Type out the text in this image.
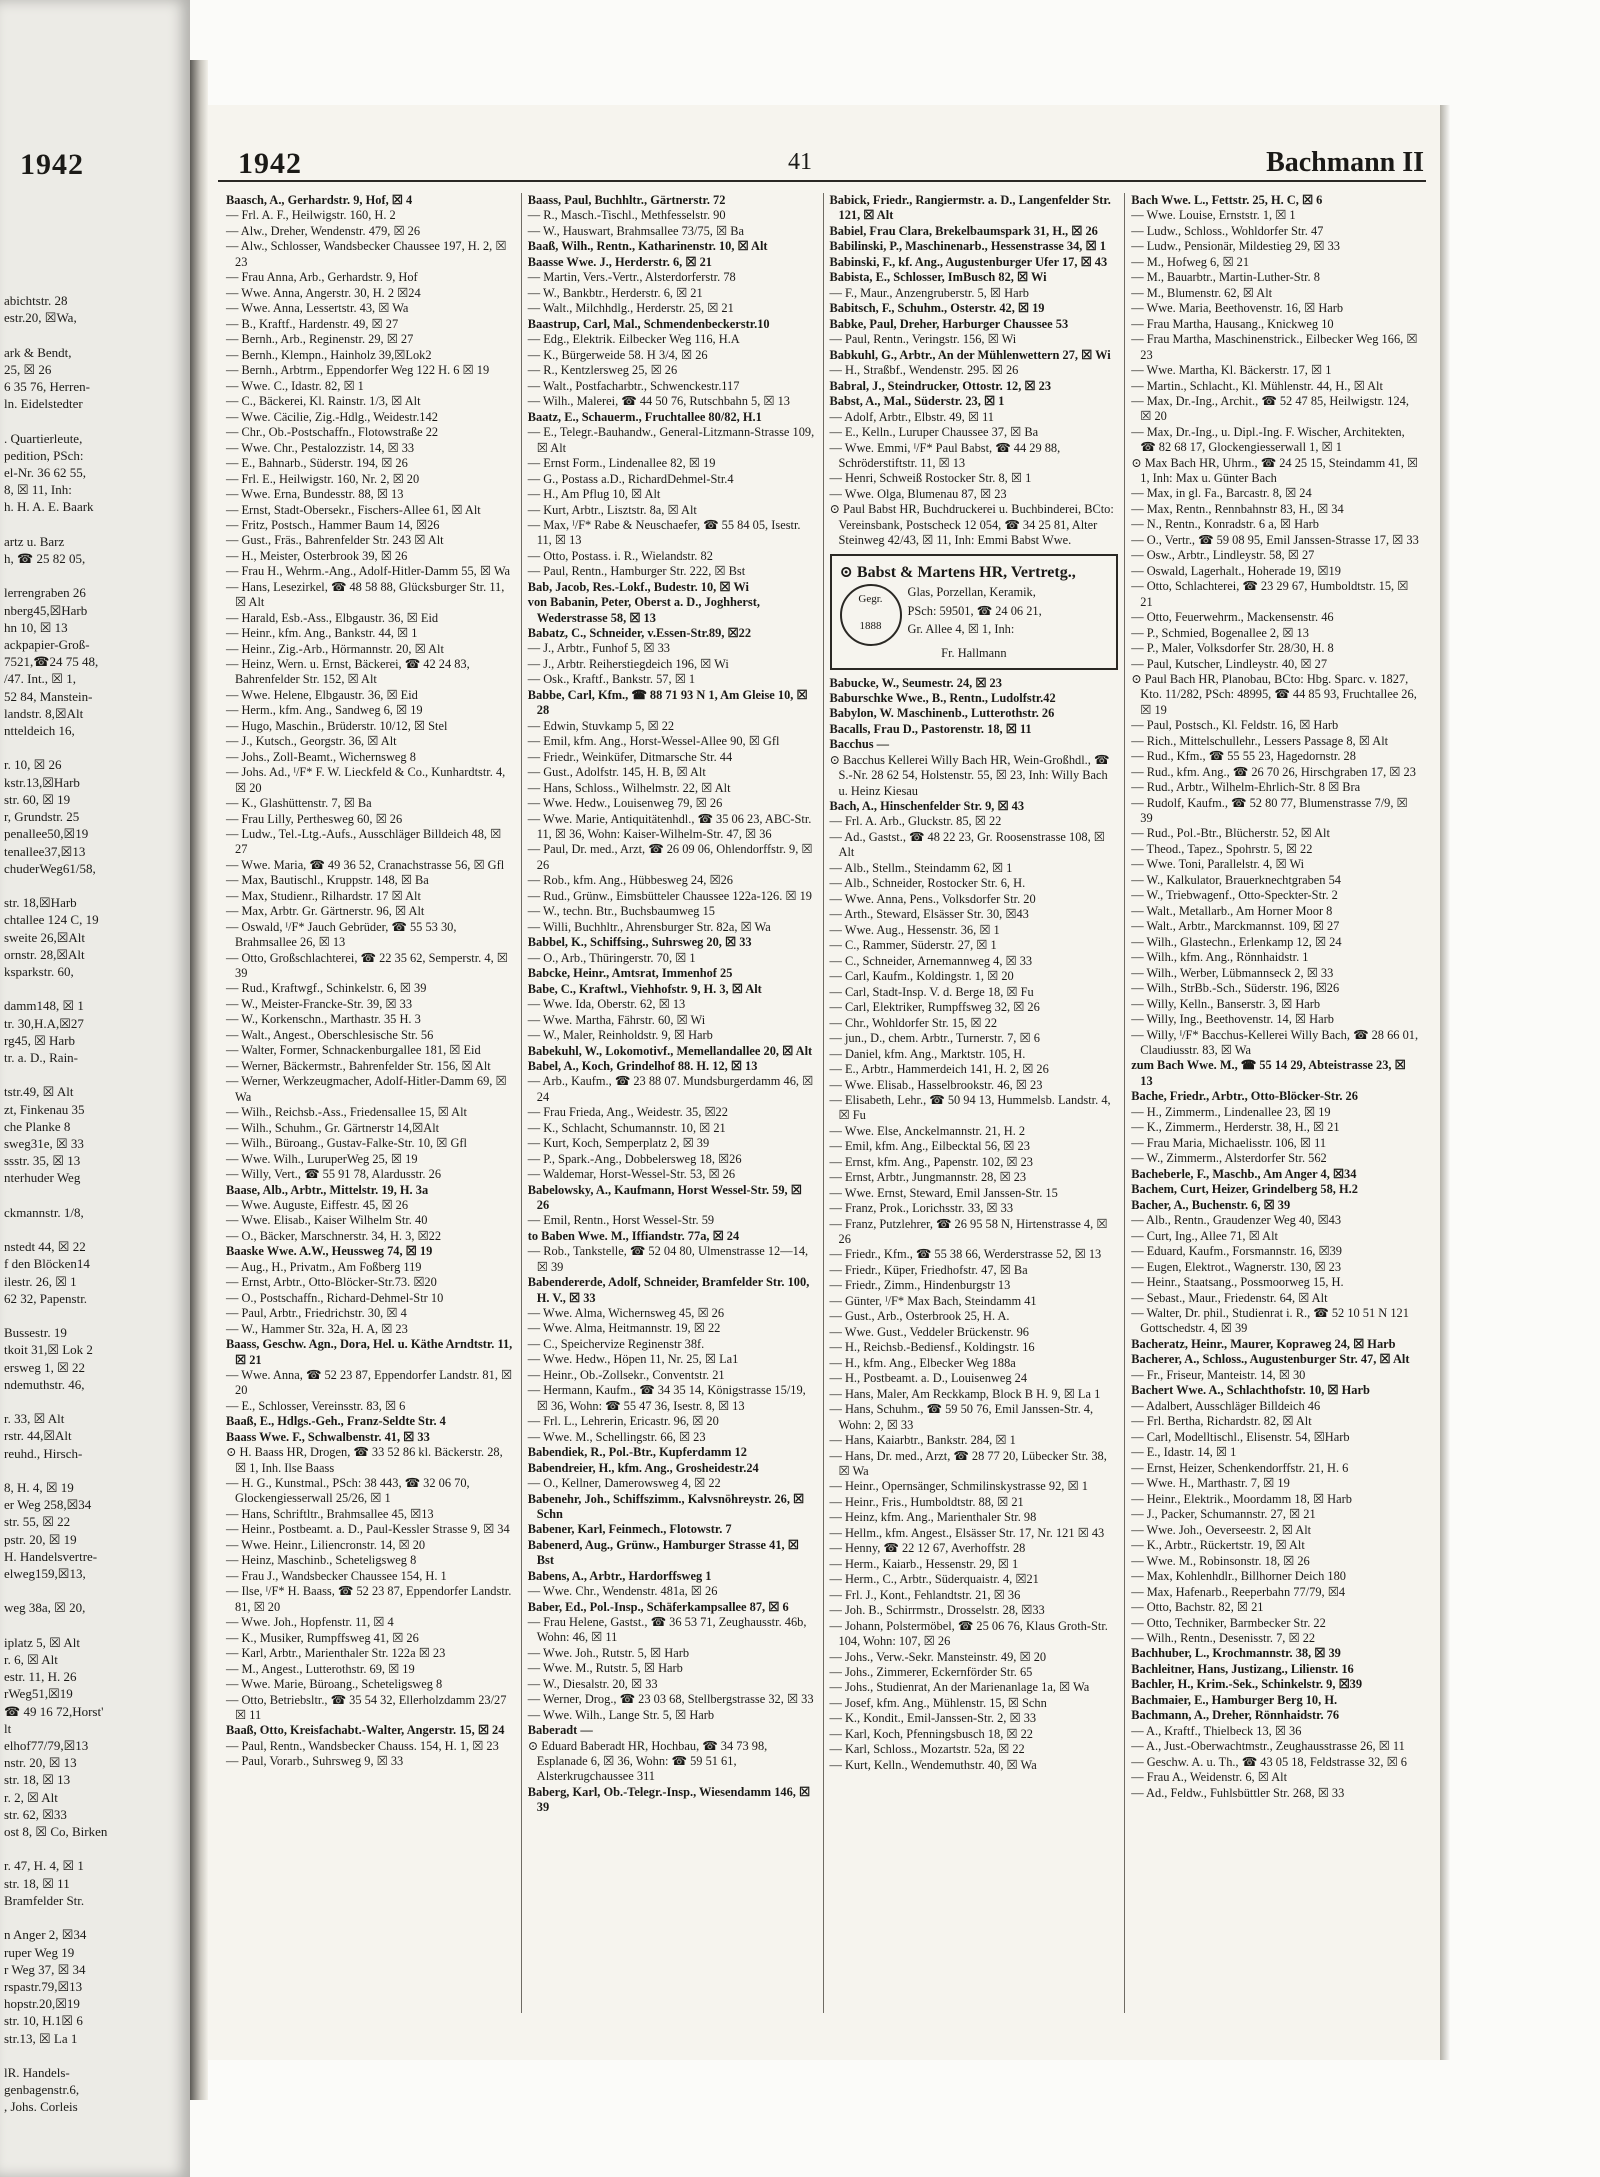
1942
abichtstr. 28
estr.20, ☒Wa,

ark & Bendt,
25, ☒ 26
6 35 76, Herren-
ln. Eidelstedter

. Quartierleute,
pedition, PSch:
el-Nr. 36 62 55,
8, ☒ 11, Inh:
h. H. A. E. Baark

artz u. Barz
h, ☎ 25 82 05,

lerrengraben 26
nberg45,☒Harb
hn 10, ☒ 13
ackpapier-Groß-
7521,☎24 75 48,
/47. Int., ☒ 1,
52 84, Manstein-
landstr. 8,☒Alt
ntteldeich 16,

r. 10, ☒ 26
kstr.13,☒Harb
str. 60, ☒ 19
r, Grundstr. 25
penallee50,☒19
tenallee37,☒13
chuderWeg61/58,

str. 18,☒Harb
chtallee 124 C, 19
sweite 26,☒Alt
ornstr. 28,☒Alt
ksparkstr. 60,

damm148, ☒ 1
tr. 30,H.A,☒27
rg45, ☒ Harb
tr. a. D., Rain-

tstr.49, ☒ Alt
zt, Finkenau 35
che Planke 8
sweg31e, ☒ 33
ssstr. 35, ☒ 13
nterhuder Weg

ckmannstr. 1/8,

nstedt 44, ☒ 22
f den Blöcken14
ilestr. 26, ☒ 1
62 32, Papenstr.

Bussestr. 19
tkoit 31,☒ Lok 2
ersweg 1, ☒ 22
ndemuthstr. 46,

r. 33, ☒ Alt
rstr. 44,☒Alt
reuhd., Hirsch-

8, H. 4, ☒ 19
er Weg 258,☒34
str. 55, ☒ 22
pstr. 20, ☒ 19
H. Handelsvertre-
elweg159,☒13,

weg 38a, ☒ 20,

iplatz 5, ☒ Alt
r. 6, ☒ Alt
estr. 11, H. 26
rWeg51,☒19
☎ 49 16 72,Horst'
lt
elhof77/79,☒13
nstr. 20, ☒ 13
str. 18, ☒ 13
r. 2, ☒ Alt
str. 62, ☒33
ost 8, ☒ Co, Birken

r. 47, H. 4, ☒ 1
str. 18, ☒ 11
Bramfelder Str.

n Anger 2, ☒34
ruper Weg 19
r Weg 37, ☒ 34
rspastr.79,☒13
hopstr.20,☒19
str. 10, H.1☒ 6
str.13, ☒ La 1

lR. Handels-
genbagenstr.6,
, Johs. Corleis
1942	41	Bachmann II
Baasch, A., Gerhardstr. 9, Hof, ☒ 4
— Frl. A. F., Heilwigstr. 160, H. 2
— Alw., Dreher, Wendenstr. 479, ☒ 26
— Alw., Schlosser, Wandsbecker Chaussee 197, H. 2, ☒ 23
— Frau Anna, Arb., Gerhardstr. 9, Hof
— Wwe. Anna, Angerstr. 30, H. 2 ☒24
— Wwe. Anna, Lessertstr. 43, ☒ Wa
— B., Kraftf., Hardenstr. 49, ☒ 27
— Bernh., Arb., Reginenstr. 29, ☒ 27
— Bernh., Klempn., Hainholz 39,☒Lok2
— Bernh., Arbtrm., Eppendorfer Weg 122 H. 6 ☒ 19
— Wwe. C., Idastr. 82, ☒ 1
— C., Bäckerei, Kl. Rainstr. 1/3, ☒ Alt
— Wwe. Cäcilie, Zig.-Hdlg., Weidestr.142
— Chr., Ob.-Postschaffn., Flotowstraße 22
— Wwe. Chr., Pestalozzistr. 14, ☒ 33
— E., Bahnarb., Süderstr. 194, ☒ 26
— Frl. E., Heilwigstr. 160, Nr. 2, ☒ 20
— Wwe. Erna, Bundesstr. 88, ☒ 13
— Ernst, Stadt-Obersekr., Fischers-Allee 61, ☒ Alt
— Fritz, Postsch., Hammer Baum 14, ☒26
— Gust., Fräs., Bahrenfelder Str. 243 ☒ Alt
— H., Meister, Osterbrook 39, ☒ 26
— Frau H., Wehrm.-Ang., Adolf-Hitler-Damm 55, ☒ Wa
— Hans, Lesezirkel, ☎ 48 58 88, Glücksburger Str. 11, ☒ Alt
— Harald, Esb.-Ass., Elbgaustr. 36, ☒ Eid
— Heinr., kfm. Ang., Bankstr. 44, ☒ 1
— Heinr., Zig.-Arb., Hörmannstr. 20, ☒ Alt
— Heinz, Wern. u. Ernst, Bäckerei, ☎ 42 24 83, Bahrenfelder Str. 152, ☒ Alt
— Wwe. Helene, Elbgaustr. 36, ☒ Eid
— Herm., kfm. Ang., Sandweg 6, ☒ 19
— Hugo, Maschin., Brüderstr. 10/12, ☒ Stel
— J., Kutsch., Georgstr. 36, ☒ Alt
— Johs., Zoll-Beamt., Wichernsweg 8
— Johs. Ad., ᴵ/F* F. W. Lieckfeld & Co., Kunhardtstr. 4, ☒ 20
— K., Glashüttenstr. 7, ☒ Ba
— Frau Lilly, Perthesweg 60, ☒ 26
— Ludw., Tel.-Ltg.-Aufs., Ausschläger Billdeich 48, ☒ 27
— Wwe. Maria, ☎ 49 36 52, Cranachstrasse 56, ☒ Gfl
— Max, Bautischl., Kruppstr. 148, ☒ Ba
— Max, Studienr., Rilhardstr. 17 ☒ Alt
— Max, Arbtr. Gr. Gärtnerstr. 96, ☒ Alt
— Oswald, ᴵ/F* Jauch Gebrüder, ☎ 55 53 30, Brahmsallee 26, ☒ 13
— Otto, Großschlachterei, ☎ 22 35 62, Semperstr. 4, ☒ 39
— Rud., Kraftwgf., Schinkelstr. 6, ☒ 39
— W., Meister-Francke-Str. 39, ☒ 33
— W., Korkenschn., Marthastr. 35 H. 3
— Walt., Angest., Oberschlesische Str. 56
— Walter, Former, Schnackenburgallee 181, ☒ Eid
— Werner, Bäckermstr., Bahrenfelder Str. 156, ☒ Alt
— Werner, Werkzeugmacher, Adolf-Hitler-Damm 69, ☒ Wa
— Wilh., Reichsb.-Ass., Friedensallee 15, ☒ Alt
— Wilh., Schuhm., Gr. Gärtnerstr 14,☒Alt
— Wilh., Büroang., Gustav-Falke-Str. 10, ☒ Gfl
— Wwe. Wilh., LuruperWeg 25, ☒ 19
— Willy, Vert., ☎ 55 91 78, Alardusstr. 26
Baase, Alb., Arbtr., Mittelstr. 19, H. 3a
— Wwe. Auguste, Eiffestr. 45, ☒ 26
— Wwe. Elisab., Kaiser Wilhelm Str. 40
— O., Bäcker, Marschnerstr. 34, H. 3, ☒22
Baaske Wwe. A.W., Heussweg 74, ☒ 19
— Aug., H., Privatm., Am Foßberg 119
— Ernst, Arbtr., Otto-Blöcker-Str.73. ☒20
— O., Postschaffn., Richard-Dehmel-Str 10
— Paul, Arbtr., Friedrichstr. 30, ☒ 4
— W., Hammer Str. 32a, H. A, ☒ 23
Baass, Geschw. Agn., Dora, Hel. u. Käthe Arndtstr. 11, ☒ 21
— Wwe. Anna, ☎ 52 23 87, Eppendorfer Landstr. 81, ☒ 20
— E., Schlosser, Vereinsstr. 83, ☒ 6
Baaß, E., Hdlgs.-Geh., Franz-Seldte Str. 4
Baass Wwe. F., Schwalbenstr. 41, ☒ 33
⊙ H. Baass HR, Drogen, ☎ 33 52 86 kl. Bäckerstr. 28, ☒ 1, Inh. Ilse Baass
— H. G., Kunstmal., PSch: 38 443, ☎ 32 06 70, Glockengiesserwall 25/26, ☒ 1
— Hans, Schriftltr., Brahmsallee 45, ☒13
— Heinr., Postbeamt. a. D., Paul-Kessler Strasse 9, ☒ 34
— Wwe. Heinr., Liliencronstr. 14, ☒ 20
— Heinz, Maschinb., Scheteligsweg 8
— Frau J., Wandsbecker Chaussee 154, H. 1
— Ilse, ᴵ/F* H. Baass, ☎ 52 23 87, Eppendorfer Landstr. 81, ☒ 20
— Wwe. Joh., Hopfenstr. 11, ☒ 4
— K., Musiker, Rumpffsweg 41, ☒ 26
— Karl, Arbtr., Marienthaler Str. 122a ☒ 23
— M., Angest., Lutterothstr. 69, ☒ 19
— Wwe. Marie, Büroang., Scheteligsweg 8
— Otto, Betriebsltr., ☎ 35 54 32, Ellerholzdamm 23/27 ☒ 11
Baaß, Otto, Kreisfachabt.-Walter, Angerstr. 15, ☒ 24
— Paul, Rentn., Wandsbecker Chauss. 154, H. 1, ☒ 23
— Paul, Vorarb., Suhrsweg 9, ☒ 33
Baass, Paul, Buchhltr., Gärtnerstr. 72
— R., Masch.-Tischl., Methfesselstr. 90
— W., Hauswart, Brahmsallee 73/75, ☒ Ba
Baaß, Wilh., Rentn., Katharinenstr. 10, ☒ Alt
Baasse Wwe. J., Herderstr. 6, ☒ 21
— Martin, Vers.-Vertr., Alsterdorferstr. 78
— W., Bankbtr., Herderstr. 6, ☒ 21
— Walt., Milchhdlg., Herderstr. 25, ☒ 21
Baastrup, Carl, Mal., Schmendenbeckerstr.10
— Edg., Elektrik. Eilbecker Weg 116, H.A
— K., Bürgerweide 58. H 3/4, ☒ 26
— R., Kentzlersweg 25, ☒ 26
— Walt., Postfacharbtr., Schwenckestr.117
— Wilh., Malerei, ☎ 44 50 76, Rutschbahn 5, ☒ 13
Baatz, E., Schauerm., Fruchtallee 80/82, H.1
— E., Telegr.-Bauhandw., General-Litzmann-Strasse 109, ☒ Alt
— Ernst Form., Lindenallee 82, ☒ 19
— G., Postass a.D., RichardDehmel-Str.4
— H., Am Pflug 10, ☒ Alt
— Kurt, Arbtr., Lisztstr. 8a, ☒ Alt
— Max, ᴵ/F* Rabe & Neuschaefer, ☎ 55 84 05, Isestr. 11, ☒ 13
— Otto, Postass. i. R., Wielandstr. 82
— Paul, Rentn., Hamburger Str. 222, ☒ Bst
Bab, Jacob, Res.-Lokf., Budestr. 10, ☒ Wi
von Babanin, Peter, Oberst a. D., Joghherst, Wederstrasse 58, ☒ 13
Babatz, C., Schneider, v.Essen-Str.89, ☒22
— J., Arbtr., Funhof 5, ☒ 33
— J., Arbtr. Reiherstiegdeich 196, ☒ Wi
— Osk., Kraftf., Bankstr. 57, ☒ 1
Babbe, Carl, Kfm., ☎ 88 71 93 N 1, Am Gleise 10, ☒ 28
— Edwin, Stuvkamp 5, ☒ 22
— Emil, kfm. Ang., Horst-Wessel-Allee 90, ☒ Gfl
— Friedr., Weinküfer, Ditmarsche Str. 44
— Gust., Adolfstr. 145, H. B, ☒ Alt
— Hans, Schloss., Wilhelmstr. 22, ☒ Alt
— Wwe. Hedw., Louisenweg 79, ☒ 26
— Wwe. Marie, Antiquitätenhdl., ☎ 35 06 23, ABC-Str. 11, ☒ 36, Wohn: Kaiser-Wilhelm-Str. 47, ☒ 36
— Paul, Dr. med., Arzt, ☎ 26 09 06, Ohlendorffstr. 9, ☒ 26
— Rob., kfm. Ang., Hübbesweg 24, ☒26
— Rud., Grünw., Eimsbütteler Chaussee 122a-126. ☒ 19
— W., techn. Btr., Buchsbaumweg 15
— Willi, Buchhltr., Ahrensburger Str. 82a, ☒ Wa
Babbel, K., Schiffsing., Suhrsweg 20, ☒ 33
— O., Arb., Thüringerstr. 70, ☒ 1
Babcke, Heinr., Amtsrat, Immenhof 25
Babe, C., Kraftwl., Viehhofstr. 9, H. 3, ☒ Alt
— Wwe. Ida, Oberstr. 62, ☒ 13
— Wwe. Martha, Fährstr. 60, ☒ Wi
— W., Maler, Reinholdstr. 9, ☒ Harb
Babekuhl, W., Lokomotivf., Memellandallee 20, ☒ Alt
Babel, A., Koch, Grindelhof 88. H. 12, ☒ 13
— Arb., Kaufm., ☎ 23 88 07. Mundsburgerdamm 46, ☒ 24
— Frau Frieda, Ang., Weidestr. 35, ☒22
— K., Schlacht, Schumannstr. 10, ☒ 21
— Kurt, Koch, Semperplatz 2, ☒ 39
— P., Spark.-Ang., Dobbelersweg 18, ☒26
— Waldemar, Horst-Wessel-Str. 53, ☒ 26
Babelowsky, A., Kaufmann, Horst Wessel-Str. 59, ☒ 26
— Emil, Rentn., Horst Wessel-Str. 59
to Baben Wwe. M., Iffiandstr. 77a, ☒ 24
— Rob., Tankstelle, ☎ 52 04 80, Ulmenstrasse 12—14, ☒ 39
Babendererde, Adolf, Schneider, Bramfelder Str. 100, H. V., ☒ 33
— Wwe. Alma, Wichernsweg 45, ☒ 26
— Wwe. Alma, Heitmannstr. 19, ☒ 22
— C., Speichervize Reginenstr 38f.
— Wwe. Hedw., Höpen 11, Nr. 25, ☒ La1
— Heinr., Ob.-Zollsekr., Conventstr. 21
— Hermann, Kaufm., ☎ 34 35 14, Königstrasse 15/19, ☒ 36, Wohn: ☎ 55 47 36, Isestr. 8, ☒ 13
— Frl. L., Lehrerin, Ericastr. 96, ☒ 20
— Wwe. M., Schellingstr. 66, ☒ 23
Babendiek, R., Pol.-Btr., Kupferdamm 12
Babendreier, H., kfm. Ang., Grosheidestr.24
— O., Kellner, Damerowsweg 4, ☒ 22
Babenehr, Joh., Schiffszimm., Kalvsnöhreystr. 26, ☒ Schn
Babener, Karl, Feinmech., Flotowstr. 7
Babenerd, Aug., Grünw., Hamburger Strasse 41, ☒ Bst
Babens, A., Arbtr., Hardorffsweg 1
— Wwe. Chr., Wendenstr. 481a, ☒ 26
Baber, Ed., Pol.-Insp., Schäferkampsallee 87, ☒ 6
— Frau Helene, Gastst., ☎ 36 53 71, Zeughausstr. 46b, Wohn: 46, ☒ 11
— Wwe. Joh., Rutstr. 5, ☒ Harb
— Wwe. M., Rutstr. 5, ☒ Harb
— W., Diesalstr. 20, ☒ 33
— Werner, Drog., ☎ 23 03 68, Stellbergstrasse 32, ☒ 33
— Wwe. Wilh., Lange Str. 5, ☒ Harb
Baberadt —
⊙ Eduard Baberadt HR, Hochbau, ☎ 34 73 98, Esplanade 6, ☒ 36, Wohn: ☎ 59 51 61, Alsterkrugchaussee 311
Baberg, Karl, Ob.-Telegr.-Insp., Wiesendamm 146, ☒ 39
Babick, Friedr., Rangiermstr. a. D., Langenfelder Str. 121, ☒ Alt
Babiel, Frau Clara, Brekelbaumspark 31, H., ☒ 26
Babilinski, P., Maschinenarb., Hessenstrasse 34, ☒ 1
Babinski, F., kf. Ang., Augustenburger Ufer 17, ☒ 43
Babista, E., Schlosser, ImBusch 82, ☒ Wi
— F., Maur., Anzengruberstr. 5, ☒ Harb
Babitsch, F., Schuhm., Osterstr. 42, ☒ 19
Babke, Paul, Dreher, Harburger Chaussee 53
— Paul, Rentn., Veringstr. 156, ☒ Wi
Babkuhl, G., Arbtr., An der Mühlenwettern 27, ☒ Wi
— H., Straßbf., Wendenstr. 295. ☒ 26
Babral, J., Steindrucker, Ottostr. 12, ☒ 23
Babst, A., Mal., Süderstr. 23, ☒ 1
— Adolf, Arbtr., Elbstr. 49, ☒ 11
— E., Kelln., Luruper Chaussee 37, ☒ Ba
— Wwe. Emmi, ᴵ/F* Paul Babst, ☎ 44 29 88, Schröderstiftstr. 11, ☒ 13
— Henri, Schweiß Rostocker Str. 8, ☒ 1
— Wwe. Olga, Blumenau 87, ☒ 23
⊙ Paul Babst HR, Buchdruckerei u. Buchbinderei, BCto: Vereinsbank, Postscheck 12 054, ☎ 34 25 81, Alter Steinweg 42/43, ☒ 11, Inh: Emmi Babst Wwe.
⊙ Babst & Martens HR, Vertretg.,
Gegr.
1888
Glas, Porzellan, Keramik,
PSch: 59501, ☎ 24 06 21,
Gr. Allee 4, ☒ 1, Inh:
Fr. Hallmann
Babucke, W., Seumestr. 24, ☒ 23
Baburschke Wwe., B., Rentn., Ludolfstr.42
Babylon, W. Maschinenb., Lutterothstr. 26
Bacalls, Frau D., Pastorenstr. 18, ☒ 11
Bacchus —
⊙ Bacchus Kellerei Willy Bach HR, Wein-Großhdl., ☎ S.-Nr. 28 62 54, Holstenstr. 55, ☒ 23, Inh: Willy Bach u. Heinz Kiesau
Bach, A., Hinschenfelder Str. 9, ☒ 43
— Frl. A. Arb., Gluckstr. 85, ☒ 22
— Ad., Gastst., ☎ 48 22 23, Gr. Roosenstrasse 108, ☒ Alt
— Alb., Stellm., Steindamm 62, ☒ 1
— Alb., Schneider, Rostocker Str. 6, H.
— Wwe. Anna, Pens., Volksdorfer Str. 20
— Arth., Steward, Elsässer Str. 30, ☒43
— Wwe. Aug., Hessenstr. 36, ☒ 1
— C., Rammer, Süderstr. 27, ☒ 1
— C., Schneider, Arnemannweg 4, ☒ 33
— Carl, Kaufm., Koldingstr. 1, ☒ 20
— Carl, Stadt-Insp. V. d. Berge 18, ☒ Fu
— Carl, Elektriker, Rumpffsweg 32, ☒ 26
— Chr., Wohldorfer Str. 15, ☒ 22
— jun., D., chem. Arbtr., Turnerstr. 7, ☒ 6
— Daniel, kfm. Ang., Marktstr. 105, H.
— E., Arbtr., Hammerdeich 141, H. 2, ☒ 26
— Wwe. Elisab., Hasselbrookstr. 46, ☒ 23
— Elisabeth, Lehr., ☎ 50 94 13, Hummelsb. Landstr. 4, ☒ Fu
— Wwe. Else, Anckelmannstr. 21, H. 2
— Emil, kfm. Ang., Eilbecktal 56, ☒ 23
— Ernst, kfm. Ang., Papenstr. 102, ☒ 23
— Ernst, Arbtr., Jungmannstr. 28, ☒ 23
— Wwe. Ernst, Steward, Emil Janssen-Str. 15
— Franz, Prok., Lorichsstr. 33, ☒ 33
— Franz, Putzlehrer, ☎ 26 95 58 N, Hirtenstrasse 4, ☒ 26
— Friedr., Kfm., ☎ 55 38 66, Werderstrasse 52, ☒ 13
— Friedr., Küper, Friedhofstr. 47, ☒ Ba
— Friedr., Zimm., Hindenburgstr 13
— Günter, ᴵ/F* Max Bach, Steindamm 41
— Gust., Arb., Osterbrook 25, H. A.
— Wwe. Gust., Veddeler Brückenstr. 96
— H., Reichsb.-Bediensf., Koldingstr. 16
— H., kfm. Ang., Elbecker Weg 188a
— H., Postbeamt. a. D., Louisenweg 24
— Hans, Maler, Am Reckkamp, Block B H. 9, ☒ La 1
— Hans, Schuhm., ☎ 59 50 76, Emil Janssen-Str. 4, Wohn: 2, ☒ 33
— Hans, Kaiarbtr., Bankstr. 284, ☒ 1
— Hans, Dr. med., Arzt, ☎ 28 77 20, Lübecker Str. 38, ☒ Wa
— Heinr., Opernsänger, Schmilinskystrasse 92, ☒ 1
— Heinr., Fris., Humboldtstr. 88, ☒ 21
— Heinz, kfm. Ang., Marienthaler Str. 98
— Hellm., kfm. Angest., Elsässer Str. 17, Nr. 121 ☒ 43
— Henny, ☎ 22 12 67, Averhoffstr. 28
— Herm., Kaiarb., Hessenstr. 29, ☒ 1
— Herm., C., Arbtr., Süderquaistr. 4, ☒21
— Frl. J., Kont., Fehlandtstr. 21, ☒ 36
— Joh. B., Schirrmstr., Drosselstr. 28, ☒33
— Johann, Polstermöbel, ☎ 25 06 76, Klaus Groth-Str. 104, Wohn: 107, ☒ 26
— Johs., Verw.-Sekr. Mansteinstr. 49, ☒ 20
— Johs., Zimmerer, Eckernförder Str. 65
— Johs., Studienrat, An der Marienanlage 1a, ☒ Wa
— Josef, kfm. Ang., Mühlenstr. 15, ☒ Schn
— K., Kondit., Emil-Janssen-Str. 2, ☒ 33
— Karl, Koch, Pfenningsbusch 18, ☒ 22
— Karl, Schloss., Mozartstr. 52a, ☒ 22
— Kurt, Kelln., Wendemuthstr. 40, ☒ Wa
Bach Wwe. L., Fettstr. 25, H. C, ☒ 6
— Wwe. Louise, Ernststr. 1, ☒ 1
— Ludw., Schloss., Wohldorfer Str. 47
— Ludw., Pensionär, Mildestieg 29, ☒ 33
— M., Hofweg 6, ☒ 21
— M., Bauarbtr., Martin-Luther-Str. 8
— M., Blumenstr. 62, ☒ Alt
— Wwe. Maria, Beethovenstr. 16, ☒ Harb
— Frau Martha, Hausang., Knickweg 10
— Frau Martha, Maschinenstrick., Eilbecker Weg 166, ☒ 23
— Wwe. Martha, Kl. Bäckerstr. 17, ☒ 1
— Martin., Schlacht., Kl. Mühlenstr. 44, H., ☒ Alt
— Max, Dr.-Ing., Archit., ☎ 52 47 85, Heilwigstr. 124, ☒ 20
— Max, Dr.-Ing., u. Dipl.-Ing. F. Wischer, Architekten, ☎ 82 68 17, Glockengiesserwall 1, ☒ 1
⊙ Max Bach HR, Uhrm., ☎ 24 25 15, Steindamm 41, ☒ 1, Inh: Max u. Günter Bach
— Max, in gl. Fa., Barcastr. 8, ☒ 24
— Max, Rentn., Rennbahnstr 83, H., ☒ 34
— N., Rentn., Konradstr. 6 a, ☒ Harb
— O., Vertr., ☎ 59 08 95, Emil Janssen-Strasse 17, ☒ 33
— Osw., Arbtr., Lindleystr. 58, ☒ 27
— Oswald, Lagerhalt., Hoherade 19, ☒19
— Otto, Schlachterei, ☎ 23 29 67, Humboldtstr. 15, ☒ 21
— Otto, Feuerwehrm., Mackensenstr. 46
— P., Schmied, Bogenallee 2, ☒ 13
— P., Maler, Volksdorfer Str. 28/30, H. 8
— Paul, Kutscher, Lindleystr. 40, ☒ 27
⊙ Paul Bach HR, Planobau, BCto: Hbg. Sparc. v. 1827, Kto. 11/282, PSch: 48995, ☎ 44 85 93, Fruchtallee 26, ☒ 19
— Paul, Postsch., Kl. Feldstr. 16, ☒ Harb
— Rich., Mittelschullehr., Lessers Passage 8, ☒ Alt
— Rud., Kfm., ☎ 55 55 23, Hagedornstr. 28
— Rud., kfm. Ang., ☎ 26 70 26, Hirschgraben 17, ☒ 23
— Rud., Arbtr., Wilhelm-Ehrlich-Str. 8 ☒ Bra
— Rudolf, Kaufm., ☎ 52 80 77, Blumenstrasse 7/9, ☒ 39
— Rud., Pol.-Btr., Blücherstr. 52, ☒ Alt
— Theod., Tapez., Spohrstr. 5, ☒ 22
— Wwe. Toni, Parallelstr. 4, ☒ Wi
— W., Kalkulator, Brauerknechtgraben 54
— W., Triebwagenf., Otto-Speckter-Str. 2
— Walt., Metallarb., Am Horner Moor 8
— Walt., Arbtr., Marckmannst. 109, ☒ 27
— Wilh., Glastechn., Erlenkamp 12, ☒ 24
— Wilh., kfm. Ang., Rönnhaidstr. 1
— Wilh., Werber, Lübmannseck 2, ☒ 33
— Wilh., StrBb.-Sch., Süderstr. 196, ☒26
— Willy, Kelln., Banserstr. 3, ☒ Harb
— Willy, Ing., Beethovenstr. 14, ☒ Harb
— Willy, ᴵ/F* Bacchus-Kellerei Willy Bach, ☎ 28 66 01, Claudiusstr. 83, ☒ Wa
zum Bach Wwe. M., ☎ 55 14 29, Abteistrasse 23, ☒ 13
Bache, Friedr., Arbtr., Otto-Blöcker-Str. 26
— H., Zimmerm., Lindenallee 23, ☒ 19
— K., Zimmerm., Herderstr. 38, H., ☒ 21
— Frau Maria, Michaelisstr. 106, ☒ 11
— W., Zimmerm., Alsterdorfer Str. 562
Bacheberle, F., Maschb., Am Anger 4, ☒34
Bachem, Curt, Heizer, Grindelberg 58, H.2
Bacher, A., Buchenstr. 6, ☒ 39
— Alb., Rentn., Graudenzer Weg 40, ☒43
— Curt, Ing., Allee 71, ☒ Alt
— Eduard, Kaufm., Forsmannstr. 16, ☒39
— Eugen, Elektrot., Wagnerstr. 130, ☒ 23
— Heinr., Staatsang., Possmoorweg 15, H.
— Sebast., Maur., Friedenstr. 64, ☒ Alt
— Walter, Dr. phil., Studienrat i. R., ☎ 52 10 51 N 121 Gottschedstr. 4, ☒ 39
Bacheratz, Heinr., Maurer, Kopraweg 24, ☒ Harb
Bacherer, A., Schloss., Augustenburger Str. 47, ☒ Alt
— Fr., Friseur, Manteistr. 14, ☒ 30
Bachert Wwe. A., Schlachthofstr. 10, ☒ Harb
— Adalbert, Ausschläger Billdeich 46
— Frl. Bertha, Richardstr. 82, ☒ Alt
— Carl, Modelltischl., Elisenstr. 54, ☒Harb
— E., Idastr. 14, ☒ 1
— Ernst, Heizer, Schenkendorffstr. 21, H. 6
— Wwe. H., Marthastr. 7, ☒ 19
— Heinr., Elektrik., Moordamm 18, ☒ Harb
— J., Packer, Schumannstr. 27, ☒ 21
— Wwe. Joh., Oeverseestr. 2, ☒ Alt
— K., Arbtr., Rückertstr. 19, ☒ Alt
— Wwe. M., Robinsonstr. 18, ☒ 26
— Max, Kohlenhdlr., Billhorner Deich 180
— Max, Hafenarb., Reeperbahn 77/79, ☒4
— Otto, Bachstr. 82, ☒ 21
— Otto, Techniker, Barmbecker Str. 22
— Wilh., Rentn., Desenisstr. 7, ☒ 22
Bachhuber, L., Krochmannstr. 38, ☒ 39
Bachleitner, Hans, Justizang., Lilienstr. 16
Bachler, H., Krim.-Sek., Schinkelstr. 9, ☒39
Bachmaier, E., Hamburger Berg 10, H.
Bachmann, A., Dreher, Rönnhaidstr. 76
— A., Kraftf., Thielbeck 13, ☒ 36
— A., Just.-Oberwachtmstr., Zeughausstrasse 26, ☒ 11
— Geschw. A. u. Th., ☎ 43 05 18, Feldstrasse 32, ☒ 6
— Frau A., Weidenstr. 6, ☒ Alt
— Ad., Feldw., Fuhlsbüttler Str. 268, ☒ 33
